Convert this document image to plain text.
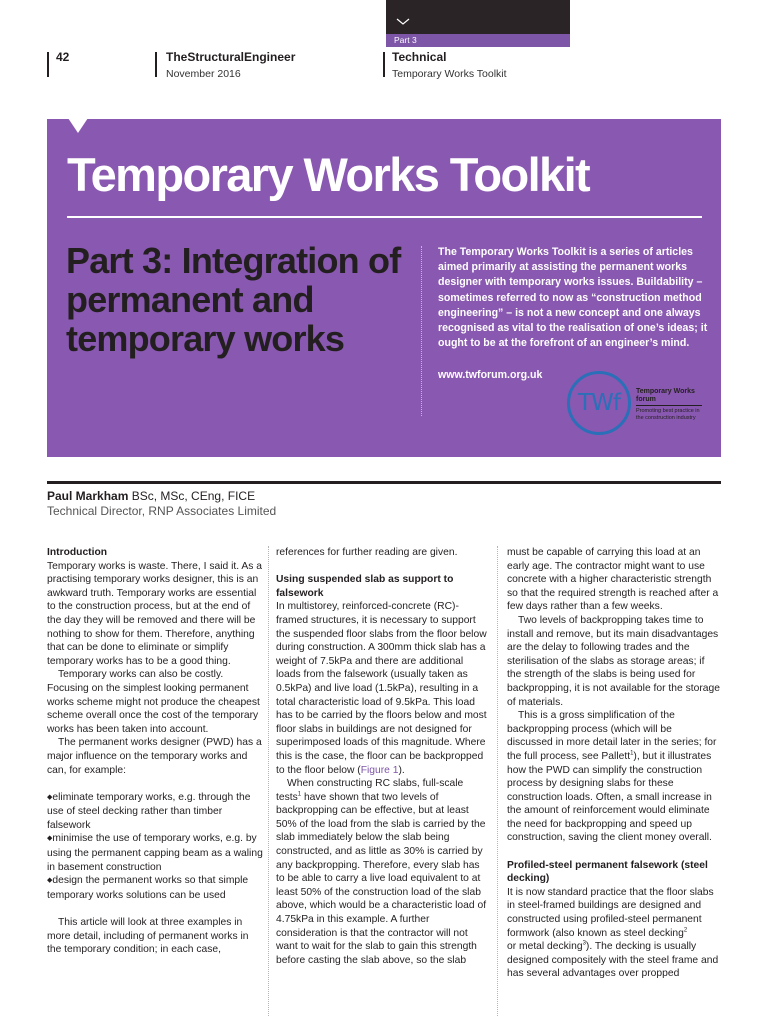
Part 3
42	TheStructuralEngineer
November 2016
Technical
Temporary Works Toolkit
Temporary Works Toolkit
Part 3: Integration of permanent and temporary works
The Temporary Works Toolkit is a series of articles aimed primarily at assisting the permanent works designer with temporary works issues. Buildability – sometimes referred to now as “construction method engineering” – is not a new concept and one always recognised as vital to the realisation of one’s ideas; it ought to be at the forefront of an engineer’s mind.
www.twforum.org.uk
TWf Temporary Works forum
Promoting best practice in the construction industry
Paul Markham BSc, MSc, CEng, FICE
Technical Director, RNP Associates Limited

Introduction

Temporary works is waste. There, I said it. As a practising temporary works designer, this is an awkward truth. Temporary works are essential to the construction process, but at the end of the day they will be removed and there will be nothing to show for them. Therefore, anything that can be done to eliminate or simplify temporary works has to be a good thing.

Temporary works can also be costly. Focusing on the simplest looking permanent works scheme might not produce the cheapest scheme overall once the cost of the temporary works has been taken into account.

The permanent works designer (PWD) has a major influence on the temporary works and can, for example:

◆ eliminate temporary works, e.g. through the use of steel decking rather than timber falsework

◆ minimise the use of temporary works, e.g. by using the permanent capping beam as a waling in basement construction

◆ design the permanent works so that simple temporary works solutions can be used

This article will look at three examples in more detail, including of permanent works in the temporary condition; in each case,

references for further reading are given.

Using suspended slab as support to falsework

In multistorey, reinforced-concrete (RC)-framed structures, it is necessary to support the suspended floor slabs from the floor below during construction. A 300mm thick slab has a weight of 7.5kPa and there are additional loads from the falsework (usually taken as 0.5kPa) and live load (1.5kPa), resulting in a total characteristic load of 9.5kPa. This load has to be carried by the floors below and most floor slabs in buildings are not designed for superimposed loads of this magnitude. Where this is the case, the floor can be backpropped to the floor below (Figure 1).

When constructing RC slabs, full-scale tests$^1$ have shown that two levels of backpropping can be effective, but at least 50% of the load from the slab is carried by the slab immediately below the slab being constructed, and as little as 30% is carried by any backpropping. Therefore, every slab has to be able to carry a live load equivalent to at least 50% of the construction load of the slab above, which would be a characteristic load of 4.75kPa in this example. A further consideration is that the contractor will not want to wait for the slab to gain this strength before casting the slab above, so the slab

must be capable of carrying this load at an early age. The contractor might want to use concrete with a higher characteristic strength so that the required strength is reached after a few days rather than a few weeks.

Two levels of backpropping takes time to install and remove, but its main disadvantages are the delay to following trades and the sterilisation of the slabs as storage areas; if the strength of the slabs is being used for backpropping, it is not available for the storage of materials.

This is a gross simplification of the backpropping process (which will be discussed in more detail later in the series; for the full process, see Pallett$^1$), but it illustrates how the PWD can simplify the construction process by designing slabs for these construction loads. Often, a small increase in the amount of reinforcement would eliminate the need for backpropping and speed up construction, saving the client money overall.

Profiled-steel permanent falsework (steel decking)

It is now standard practice that the floor slabs in steel-framed buildings are designed and constructed using profiled-steel permanent formwork (also known as steel decking$^2$
or metal decking$^3$). The decking is usually designed compositely with the steel frame and has several advantages over propped
